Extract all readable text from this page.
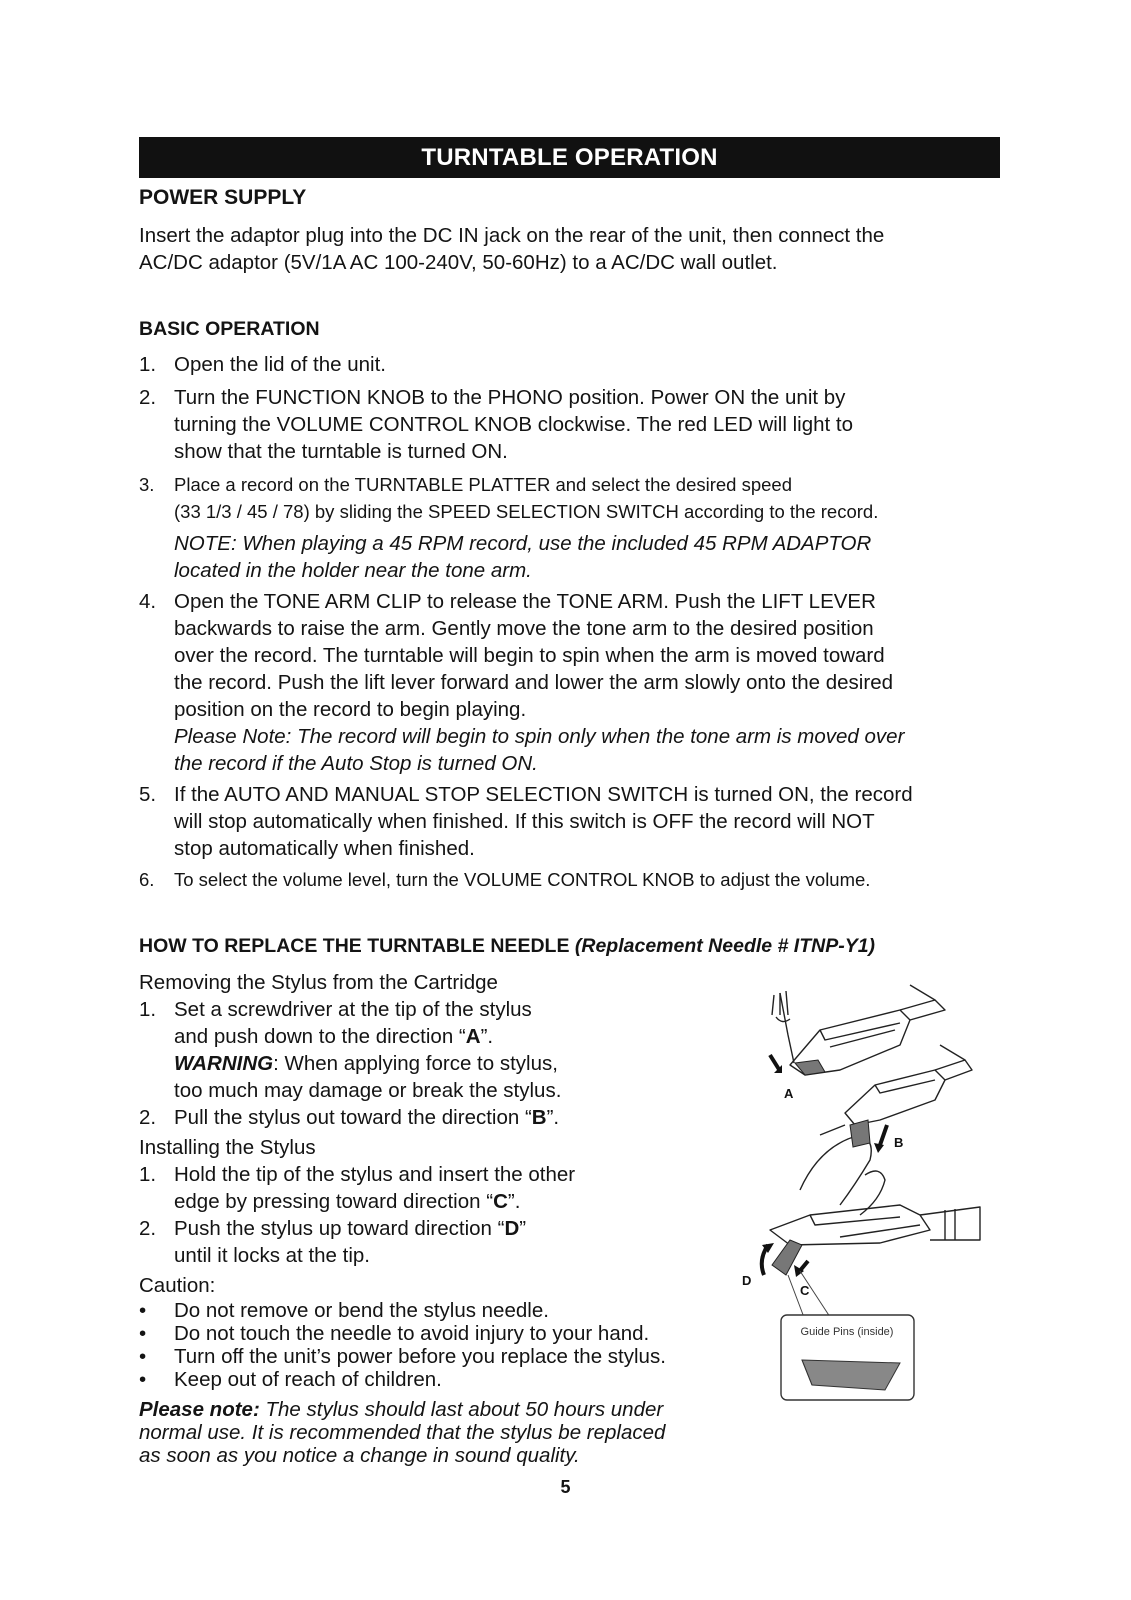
TURNTABLE OPERATION
POWER SUPPLY
Insert the adaptor plug into the DC IN jack on the rear of the unit, then connect the
AC/DC adaptor (5V/1A AC 100-240V, 50-60Hz) to a AC/DC wall outlet.
BASIC OPERATION
1. Open the lid of the unit.
2. Turn the FUNCTION KNOB to the PHONO position. Power ON the unit by
turning the VOLUME CONTROL KNOB clockwise. The red LED will light to
show that the turntable is turned ON.
3. Place a record on the TURNTABLE PLATTER and select the desired speed
(33 1/3 / 45 / 78) by sliding the SPEED SELECTION SWITCH according to the record.
NOTE: When playing a 45 RPM record, use the included 45 RPM ADAPTOR
located in the holder near the tone arm.
4. Open the TONE ARM CLIP to release the TONE ARM. Push the LIFT LEVER
backwards to raise the arm. Gently move the tone arm to the desired position
over the record. The turntable will begin to spin when the arm is moved toward
the record. Push the lift lever forward and lower the arm slowly onto the desired
position on the record to begin playing.
Please Note: The record will begin to spin only when the tone arm is moved over
the record if the Auto Stop is turned ON.
5. If the AUTO AND MANUAL STOP SELECTION SWITCH is turned ON, the record
will stop automatically when finished. If this switch is OFF the record will NOT
stop automatically when finished.
6. To select the volume level, turn the VOLUME CONTROL KNOB to adjust the volume.
HOW TO REPLACE THE TURNTABLE NEEDLE (Replacement Needle # ITNP-Y1)
Removing the Stylus from the Cartridge
1. Set a screwdriver at the tip of the stylus
and push down to the direction “A”.
WARNING: When applying force to stylus,
too much may damage or break the stylus.
2. Pull the stylus out toward the direction “B”.
Installing the Stylus
1. Hold the tip of the stylus and insert the other
edge by pressing toward direction “C”.
2. Push the stylus up toward direction “D”
until it locks at the tip.
Caution:
• Do not remove or bend the stylus needle.
• Do not touch the needle to avoid injury to your hand.
• Turn off the unit’s power before you replace the stylus.
• Keep out of reach of children.
Please note: The stylus should last about 50 hours under
normal use. It is recommended that the stylus be replaced
as soon as you notice a change in sound quality.
A
B
D
C
Guide Pins (inside)
5
